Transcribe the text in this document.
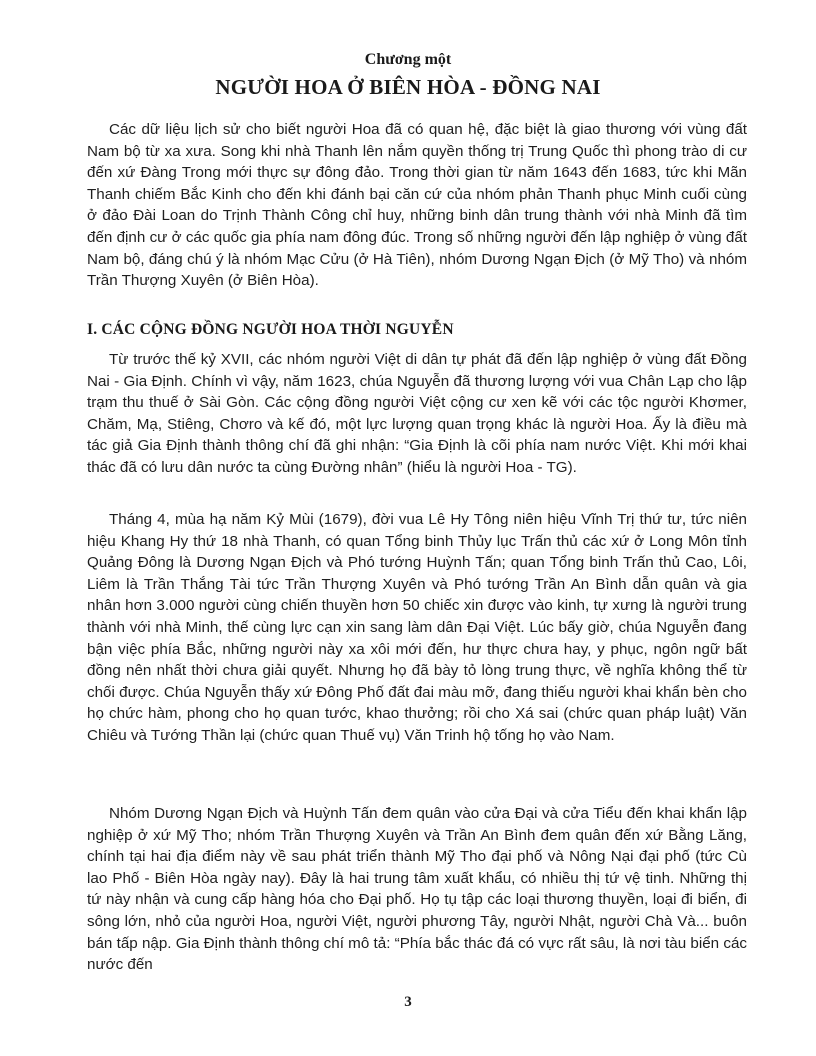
Chương một
NGƯỜI HOA Ở BIÊN HÒA - ĐỒNG NAI

Các dữ liệu lịch sử cho biết người Hoa đã có quan hệ, đặc biệt là giao thương với vùng đất Nam bộ từ xa xưa. Song khi nhà Thanh lên nắm quyền thống trị Trung Quốc thì phong trào di cư đến xứ Đàng Trong mới thực sự đông đảo. Trong thời gian từ năm 1643 đến 1683, tức khi Mãn Thanh chiếm Bắc Kinh cho đến khi đánh bại căn cứ của nhóm phản Thanh phục Minh cuối cùng ở đảo Đài Loan do Trịnh Thành Công chỉ huy, những binh dân trung thành với nhà Minh đã tìm đến định cư ở các quốc gia phía nam đông đúc. Trong số những người đến lập nghiệp ở vùng đất Nam bộ, đáng chú ý là nhóm Mạc Cửu (ở Hà Tiên), nhóm Dương Ngạn Địch (ở Mỹ Tho) và nhóm Trần Thượng Xuyên (ở Biên Hòa).

I. CÁC CỘNG ĐỒNG NGƯỜI HOA THỜI NGUYỄN

Từ trước thế kỷ XVII, các nhóm người Việt di dân tự phát đã đến lập nghiệp ở vùng đất Đồng Nai - Gia Định. Chính vì vậy, năm 1623, chúa Nguyễn đã thương lượng với vua Chân Lạp cho lập trạm thu thuế ở Sài Gòn. Các cộng đồng người Việt cộng cư xen kẽ với các tộc người Khơmer, Chăm, Mạ, Stiêng, Chơro và kế đó, một lực lượng quan trọng khác là người Hoa. Ấy là điều mà tác giả Gia Định thành thông chí đã ghi nhận: “Gia Định là cõi phía nam nước Việt. Khi mới khai thác đã có lưu dân nước ta cùng Đường nhân” (hiểu là người Hoa - TG).

Tháng 4, mùa hạ năm Kỷ Mùi (1679), đời vua Lê Hy Tông niên hiệu Vĩnh Trị thứ tư, tức niên hiệu Khang Hy thứ 18 nhà Thanh, có quan Tổng binh Thủy lục Trấn thủ các xứ ở Long Môn tỉnh Quảng Đông là Dương Ngạn Địch và Phó tướng Huỳnh Tấn; quan Tổng binh Trấn thủ Cao, Lôi, Liêm là Trần Thắng Tài tức Trần Thượng Xuyên và Phó tướng Trần An Bình dẫn quân và gia nhân hơn 3.000 người cùng chiến thuyền hơn 50 chiếc xin được vào kinh, tự xưng là người trung thành với nhà Minh, thế cùng lực cạn xin sang làm dân Đại Việt. Lúc bấy giờ, chúa Nguyễn đang bận việc phía Bắc, những người này xa xôi mới đến, hư thực chưa hay, y phục, ngôn ngữ bất đồng nên nhất thời chưa giải quyết. Nhưng họ đã bày tỏ lòng trung thực, về nghĩa không thể từ chối được. Chúa Nguyễn thấy xứ Đông Phố đất đai màu mỡ, đang thiếu người khai khẩn bèn cho họ chức hàm, phong cho họ quan tước, khao thưởng; rồi cho Xá sai (chức quan pháp luật) Văn Chiêu và Tướng Thần lại (chức quan Thuế vụ) Văn Trinh hộ tống họ vào Nam.

Nhóm Dương Ngạn Địch và Huỳnh Tấn đem quân vào cửa Đại và cửa Tiểu đến khai khẩn lập nghiệp ở xứ Mỹ Tho; nhóm Trần Thượng Xuyên và Trần An Bình đem quân đến xứ Bằng Lăng, chính tại hai địa điểm này về sau phát triển thành Mỹ Tho đại phố và Nông Nại đại phố (tức Cù lao Phố - Biên Hòa ngày nay). Đây là hai trung tâm xuất khẩu, có nhiều thị tứ vệ tinh. Những thị tứ này nhận và cung cấp hàng hóa cho Đại phố. Họ tụ tập các loại thương thuyền, loại đi biển, đi sông lớn, nhỏ của người Hoa, người Việt, người phương Tây, người Nhật, người Chà Và... buôn bán tấp nập. Gia Định thành thông chí mô tả: “Phía bắc thác đá có vực rất sâu, là nơi tàu biển các nước đến

3
